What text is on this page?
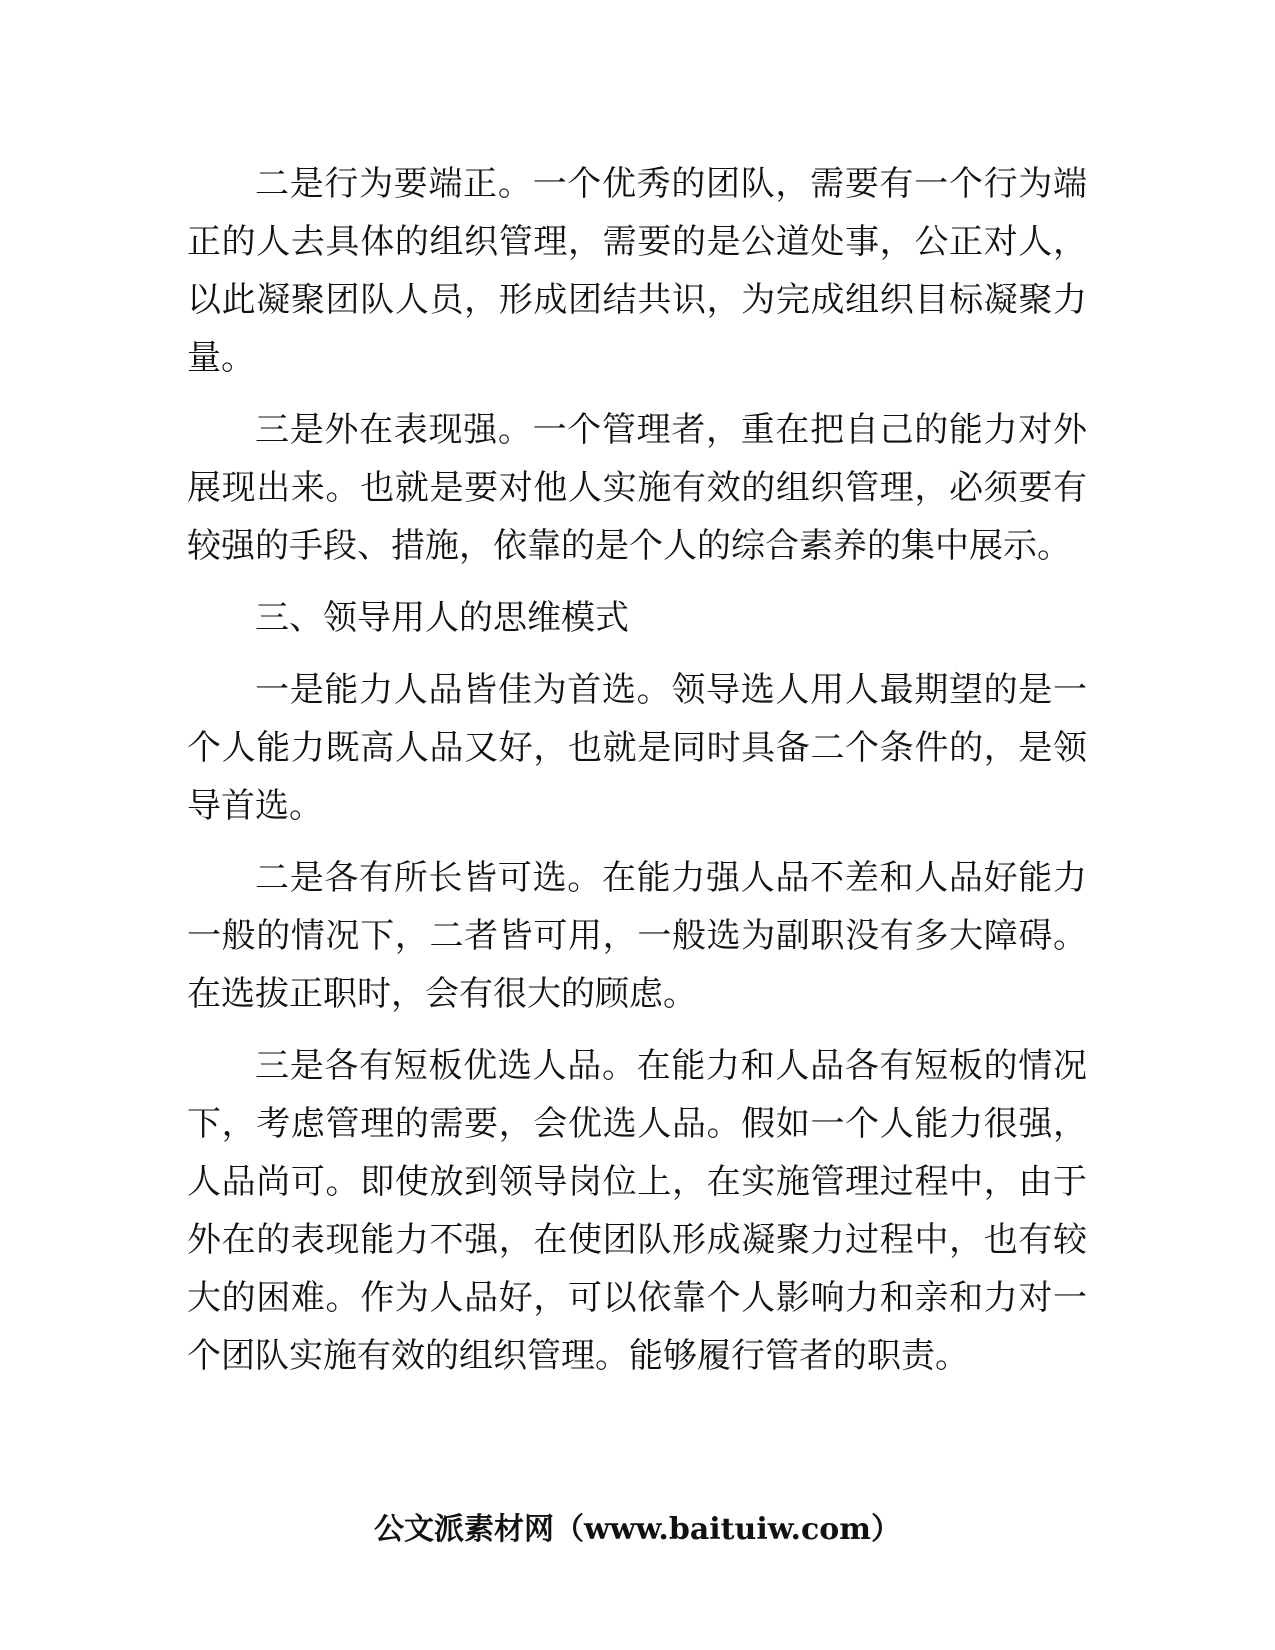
二是行为要端正。一个优秀的团队，需要有一个行为端正的人去具体的组织管理，需要的是公道处事，公正对人，以此凝聚团队人员，形成团结共识，为完成组织目标凝聚力量。

三是外在表现强。一个管理者，重在把自己的能力对外展现出来。也就是要对他人实施有效的组织管理，必须要有较强的手段、措施，依靠的是个人的综合素养的集中展示。

三、领导用人的思维模式

一是能力人品皆佳为首选。领导选人用人最期望的是一个人能力既高人品又好，也就是同时具备二个条件的，是领导首选。

二是各有所长皆可选。在能力强人品不差和人品好能力一般的情况下，二者皆可用，一般选为副职没有多大障碍。在选拔正职时，会有很大的顾虑。

三是各有短板优选人品。在能力和人品各有短板的情况下，考虑管理的需要，会优选人品。假如一个人能力很强，人品尚可。即使放到领导岗位上，在实施管理过程中，由于外在的表现能力不强，在使团队形成凝聚力过程中，也有较大的困难。作为人品好，可以依靠个人影响力和亲和力对一个团队实施有效的组织管理。能够履行管者的职责。

公文派素材网（www.baituiw.com）
